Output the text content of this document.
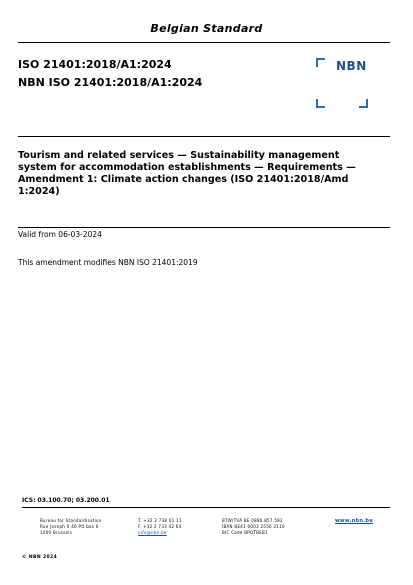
Belgian Standard
ISO 21401:2018/A1:2024
NBN ISO 21401:2018/A1:2024
NBN
Tourism and related services — Sustainability management system for accommodation establishments — Requirements — Amendment 1: Climate action changes (ISO 21401:2018/Amd 1:2024)
Valid from 06-03-2024
This amendment modifies NBN ISO 21401:2019
ICS: 03.100.70; 03.200.01
Bureau for Standardisation
Rue Joseph II 40 PO box 6
1000 Brussels
T. +32 2 738 01 11
F. +32 2 733 42 64
info@nbn.be
BTW/TVA BE 0880.857.592
IBAN BE41 0003 2556 2110
BIC Code BPOTBEB1
www.nbn.be
© NBN 2024
